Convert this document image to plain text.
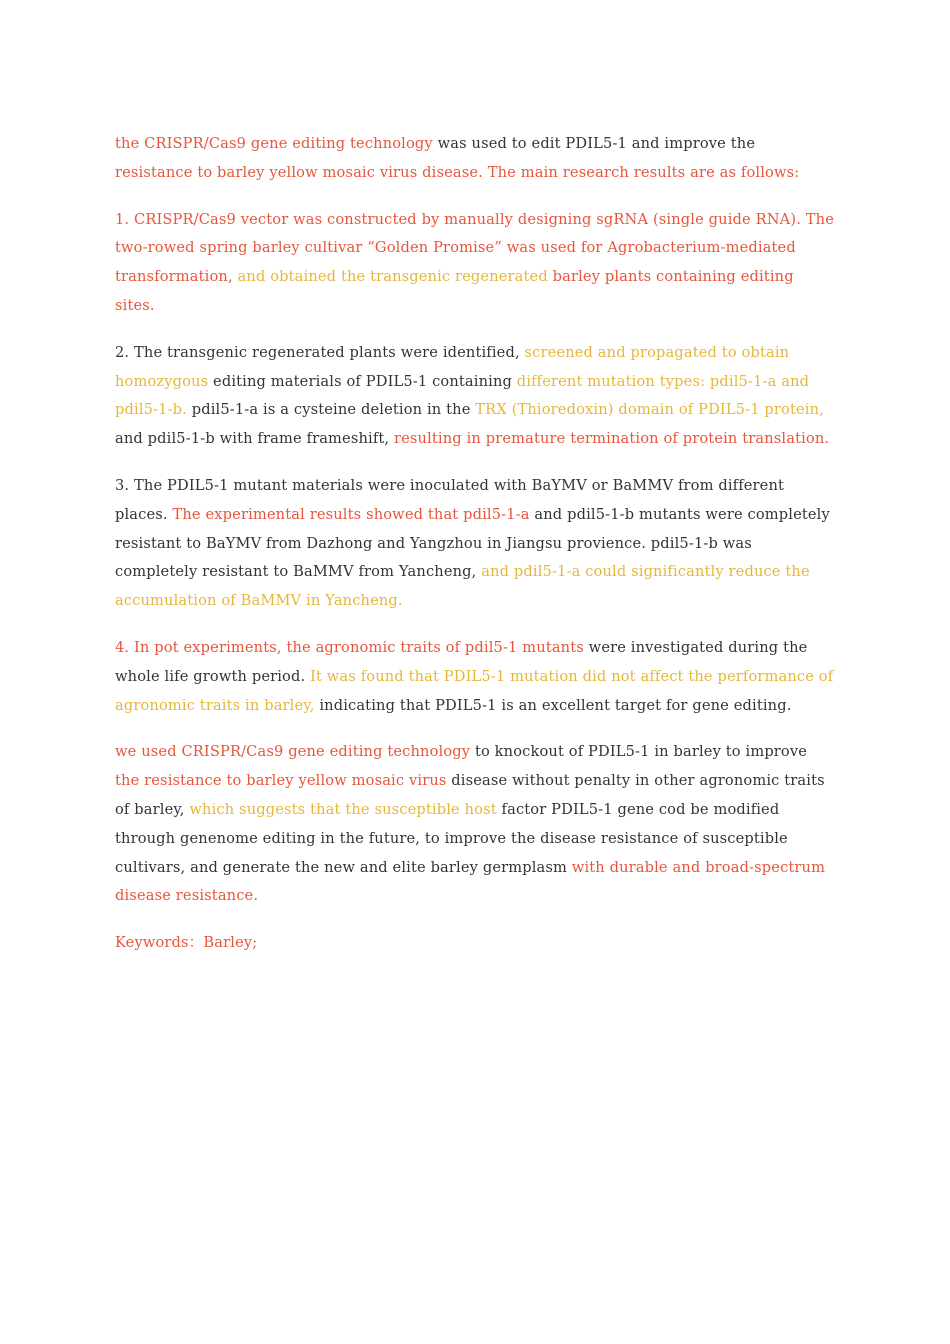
the CRISPR/Cas9 gene editing technology was used to edit PDIL5-1 and improve the resistance to barley yellow mosaic virus disease. The main research results are as follows:

1. CRISPR/Cas9 vector was constructed by manually designing sgRNA (single guide RNA). The two-rowed spring barley cultivar “Golden Promise” was used for Agrobacterium-mediated transformation, and obtained the transgenic regenerated barley plants containing editing sites.

2. The transgenic regenerated plants were identified, screened and propagated to obtain homozygous editing materials of PDIL5-1 containing different mutation types: pdil5-1-a and pdil5-1-b. pdil5-1-a is a cysteine deletion in the TRX (Thioredoxin) domain of PDIL5-1 protein, and pdil5-1-b with frame frameshift, resulting in premature termination of protein translation.

3. The PDIL5-1 mutant materials were inoculated with BaYMV or BaMMV from different places. The experimental results showed that pdil5-1-a and pdil5-1-b mutants were completely resistant to BaYMV from Dazhong and Yangzhou in Jiangsu provience. pdil5-1-b was completely resistant to BaMMV from Yancheng, and pdil5-1-a could significantly reduce the accumulation of BaMMV in Yancheng.

4. In pot experiments, the agronomic traits of pdil5-1 mutants were investigated during the whole life growth period. It was found that PDIL5-1 mutation did not affect the performance of agronomic traits in barley, indicating that PDIL5-1 is an excellent target for gene editing.

we used CRISPR/Cas9 gene editing technology to knockout of PDIL5-1 in barley to improve the resistance to barley yellow mosaic virus disease without penalty in other agronomic traits of barley, which suggests that the susceptible host factor PDIL5-1 gene cod be modified through genenome editing in the future, to improve the disease resistance of susceptible cultivars, and generate the new and elite barley germplasm with durable and broad-spectrum disease resistance.

Keywords：Barley;
